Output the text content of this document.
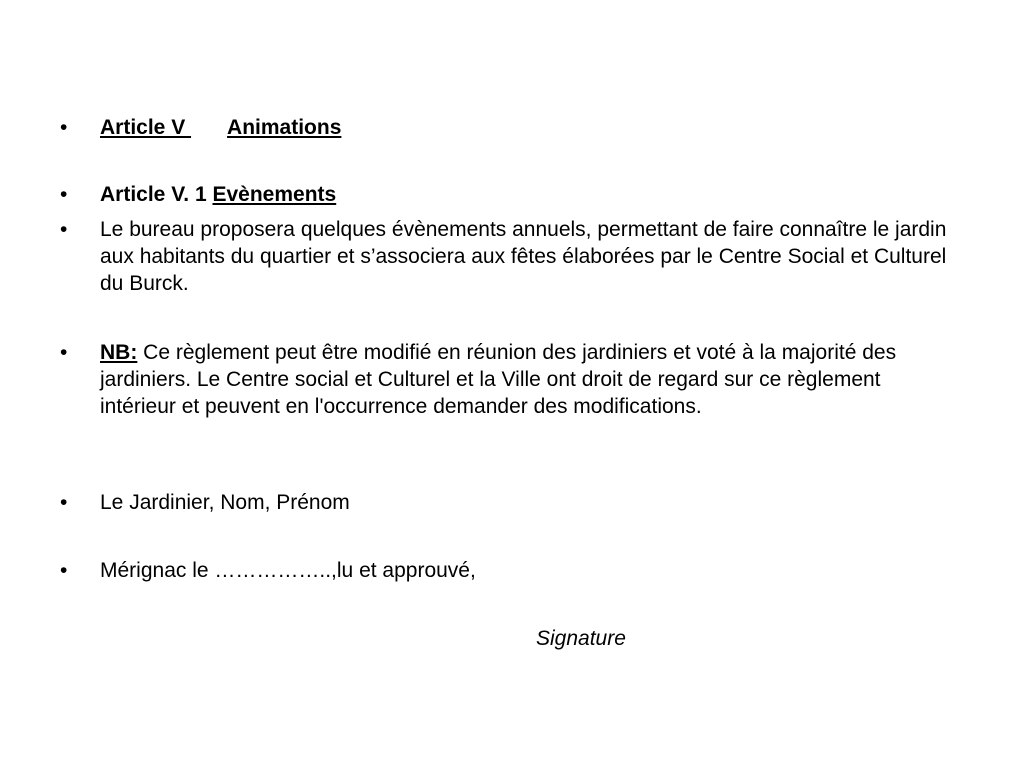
• Article V Animations
• Article V. 1 Evènements
• Le bureau proposera quelques évènements annuels, permettant de faire connaître le jardin aux habitants du quartier et s’associera aux fêtes élaborées par le Centre Social et Culturel du Burck.
• NB: Ce règlement peut être modifié en réunion des jardiniers et voté à la majorité des jardiniers. Le Centre social et Culturel et la Ville ont droit de regard sur ce règlement intérieur et peuvent en l'occurrence demander des modifications.
• Le Jardinier, Nom, Prénom
• Mérignac le ……………..,lu et approuvé,
Signature
